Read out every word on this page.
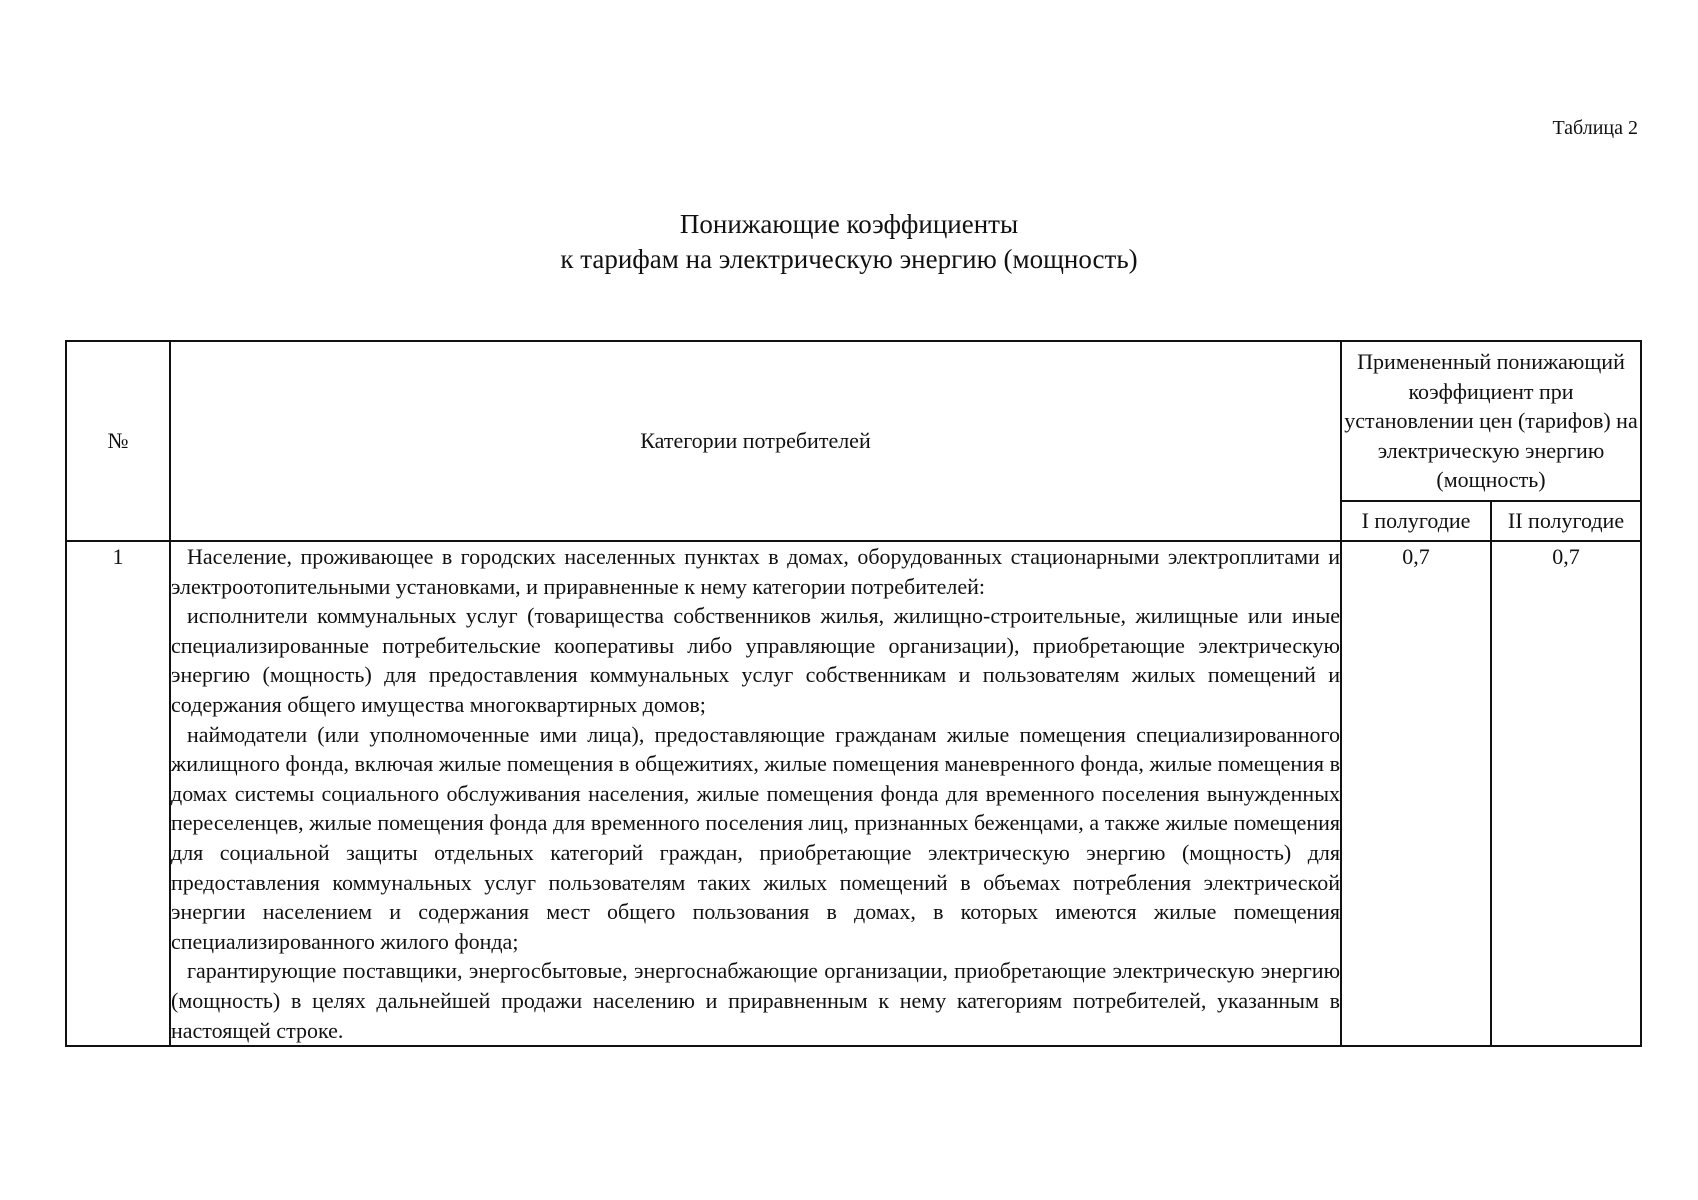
Таблица 2
Понижающие коэффициенты
к тарифам на электрическую энергию (мощность)
№	Категории потребителей	Примененный понижающий коэффициент при установлении цен (тарифов) на электрическую энергию (мощность)	
		I полугодие	II полугодие
1	Население, проживающее в городских населенных пунктах в домах, оборудованных стационарными электроплитами и электроотопительными установками, и приравненные к нему категории потребителей:

исполнители коммунальных услуг (товарищества собственников жилья, жилищно-строительные, жилищные или иные специализированные потребительские кооперативы либо управляющие организации), приобретающие электрическую энергию (мощность) для предоставления коммунальных услуг собственникам и пользователям жилых помещений и содержания общего имущества многоквартирных домов;

наймодатели (или уполномоченные ими лица), предоставляющие гражданам жилые помещения специализированного жилищного фонда, включая жилые помещения в общежитиях, жилые помещения маневренного фонда, жилые помещения в домах системы социального обслуживания населения, жилые помещения фонда для временного поселения вынужденных переселенцев, жилые помещения фонда для временного поселения лиц, признанных беженцами, а также жилые помещения для социальной защиты отдельных категорий граждан, приобретающие электрическую энергию (мощность) для предоставления коммунальных услуг пользователям таких жилых помещений в объемах потребления электрической энергии населением и содержания мест общего пользования в домах, в которых имеются жилые помещения специализированного жилого фонда;

гарантирующие поставщики, энергосбытовые, энергоснабжающие организации, приобретающие электрическую энергию (мощность) в целях дальнейшей продажи населению и приравненным к нему категориям потребителей, указанным в настоящей строке.	0,7	0,7
